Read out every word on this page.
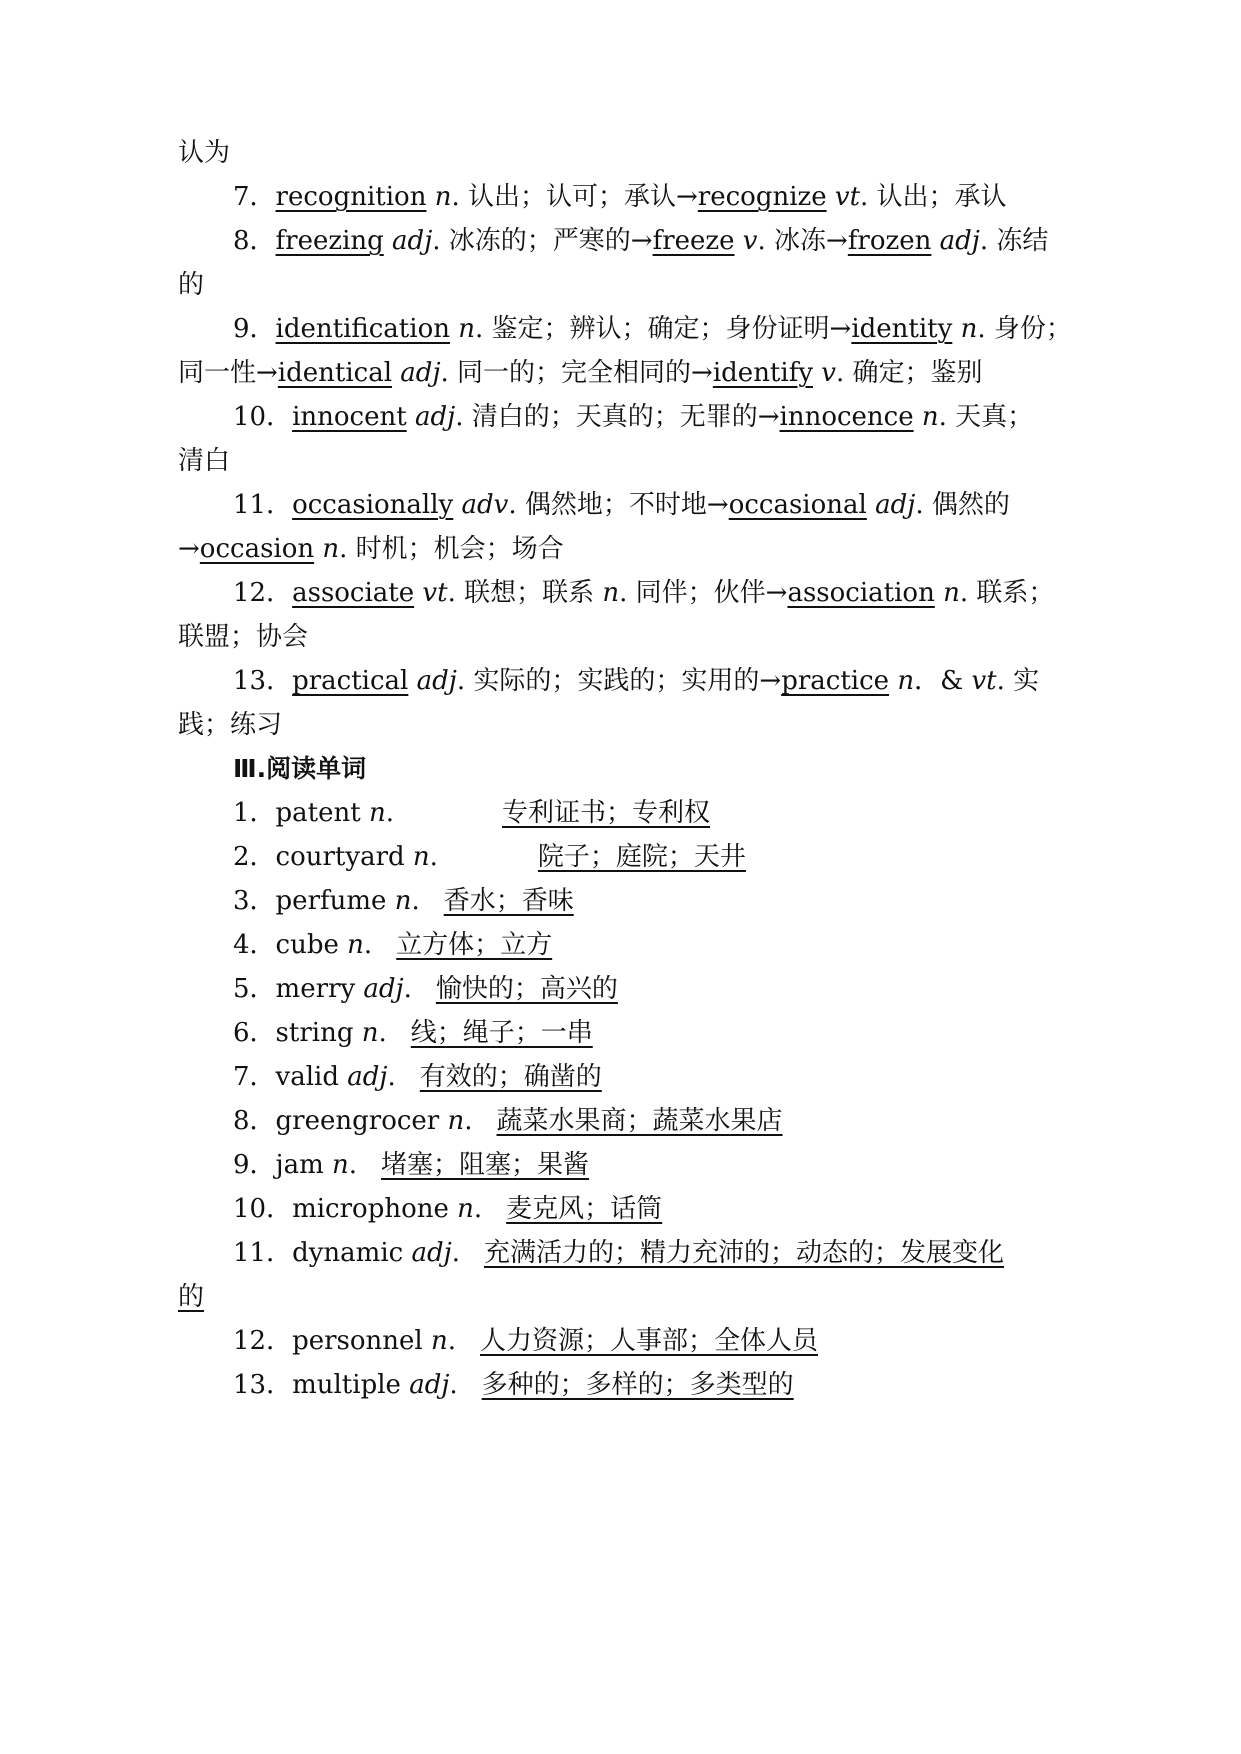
认为
7．recognition n. 认出；认可；承认→recognize vt. 认出；承认
8．freezing adj. 冰冻的；严寒的→freeze v. 冰冻→frozen adj. 冻结
的
9．identification n. 鉴定；辨认；确定；身份证明→identity n. 身份；
同一性→identical adj. 同一的；完全相同的→identify v. 确定；鉴别
10．innocent adj. 清白的；天真的；无罪的→innocence n. 天真；
清白
11．occasionally adv. 偶然地；不时地→occasional adj. 偶然的
→occasion n. 时机；机会；场合
12．associate vt. 联想；联系 n. 同伴；伙伴→association n. 联系；
联盟；协会
13．practical adj. 实际的；实践的；实用的→practice n．& vt. 实
践；练习
Ⅲ.阅读单词
1．patent n.	专利证书；专利权
2．courtyard n.	院子；庭院；天井
3．perfume n. 香水；香味
4．cube n. 立方体；立方
5．merry adj. 愉快的；高兴的
6．string n. 线；绳子；一串
7．valid adj. 有效的；确凿的
8．greengrocer n. 蔬菜水果商；蔬菜水果店
9．jam n. 堵塞；阻塞；果酱
10．microphone n. 麦克风；话筒
11．dynamic adj. 充满活力的；精力充沛的；动态的；发展变化
的
12．personnel n. 人力资源；人事部；全体人员
13．multiple adj. 多种的；多样的；多类型的
